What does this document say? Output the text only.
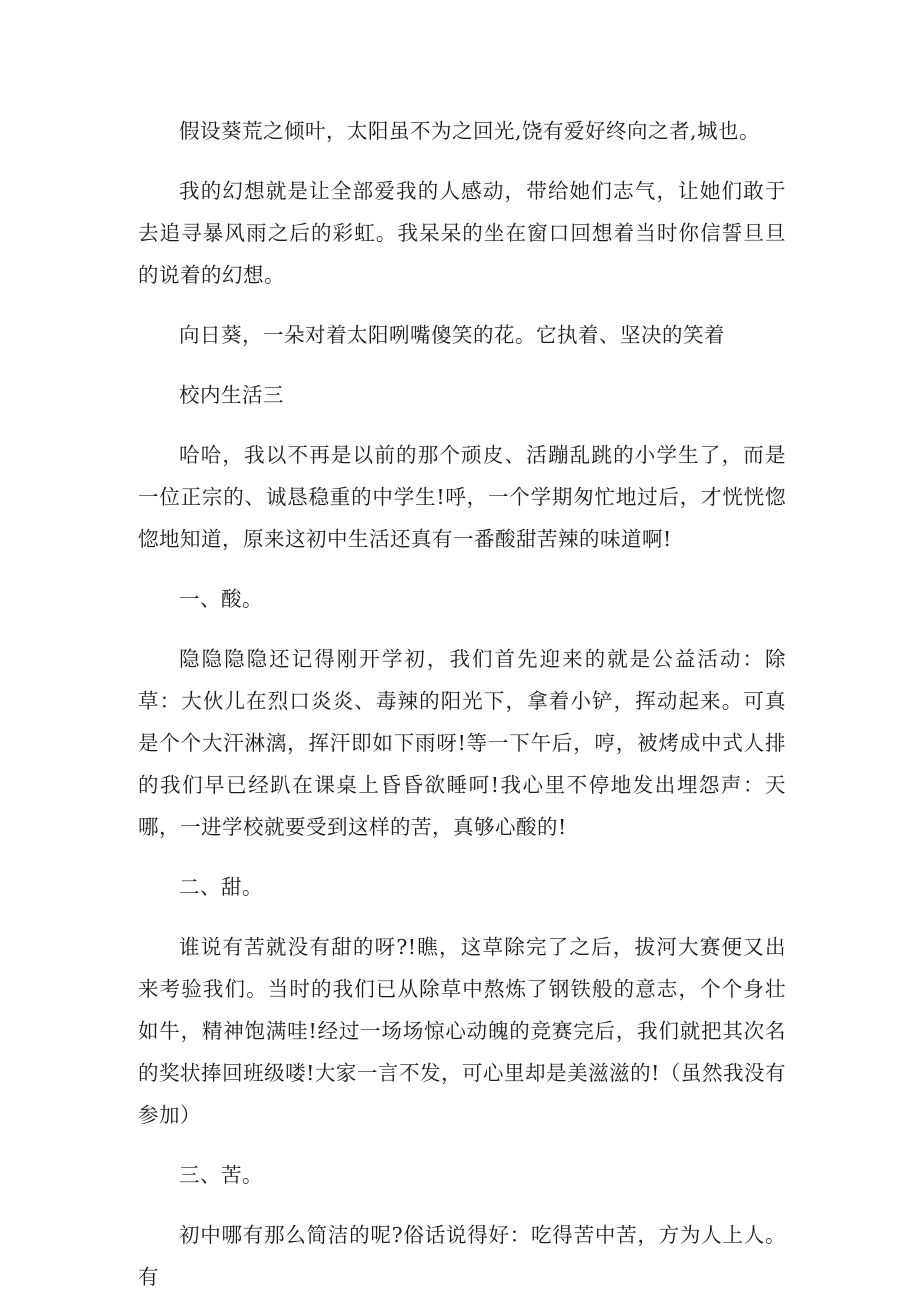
假设葵荒之倾叶，太阳虽不为之回光,饶有爱好终向之者,城也。

我的幻想就是让全部爱我的人感动，带给她们志气，让她们敢于去追寻暴风雨之后的彩虹。我呆呆的坐在窗口回想着当时你信誓旦旦的说着的幻想。

向日葵，一朵对着太阳咧嘴傻笑的花。它执着、坚决的笑着

校内生活三

哈哈，我以不再是以前的那个顽皮、活蹦乱跳的小学生了，而是一位正宗的、诚恳稳重的中学生!呼，一个学期匆忙地过后，才恍恍惚惚地知道，原来这初中生活还真有一番酸甜苦辣的味道啊!

一、酸。

隐隐隐隐还记得刚开学初，我们首先迎来的就是公益活动：除草：大伙儿在烈口炎炎、毒辣的阳光下，拿着小铲，挥动起来。可真是个个大汗淋漓，挥汗即如下雨呀!等一下午后，哼，被烤成中式人排的我们早已经趴在课桌上昏昏欲睡呵!我心里不停地发出埋怨声：天哪，一进学校就要受到这样的苦，真够心酸的!

二、甜。

谁说有苦就没有甜的呀?!瞧，这草除完了之后，拔河大赛便又出来考验我们。当时的我们已从除草中熬炼了钢铁般的意志，个个身壮如牛，精神饱满哇!经过一场场惊心动魄的竞赛完后，我们就把其次名的奖状捧回班级喽!大家一言不发，可心里却是美滋滋的!（虽然我没有参加）

三、苦。

初中哪有那么简洁的呢?俗话说得好：吃得苦中苦，方为人上人。有
